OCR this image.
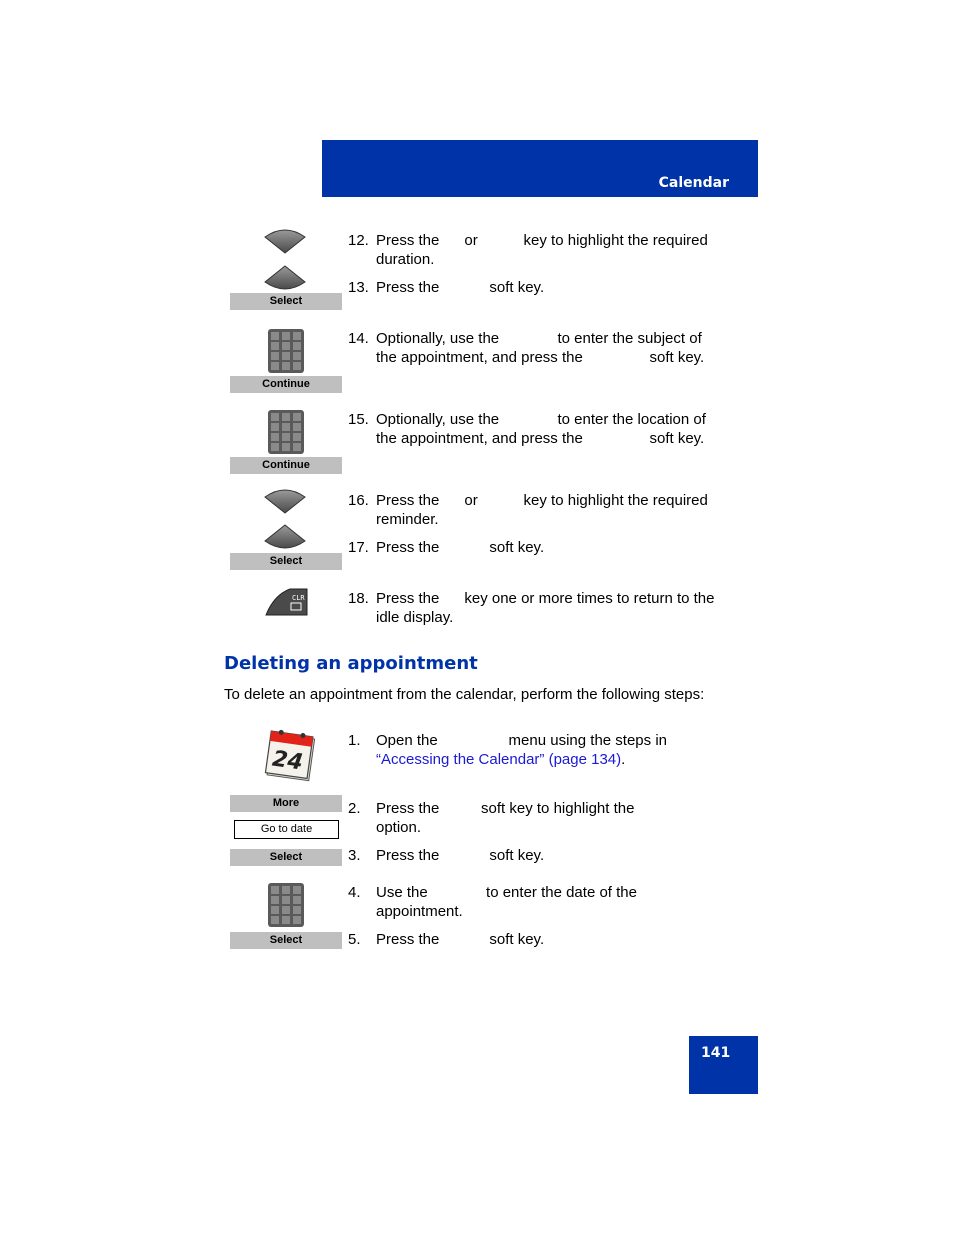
Calendar
Select
Continue
Continue
Select
CLR
12. Press the      or           key to highlight the required
duration.
13. Press the            soft key.
14. Optionally, use the              to enter the subject of
the appointment, and press the                soft key.
15. Optionally, use the              to enter the location of
the appointment, and press the                soft key.
16. Press the      or           key to highlight the required
reminder.
17. Press the            soft key.
18. Press the      key one or more times to return to the
idle display.
Deleting an appointment
To delete an appointment from the calendar, perform the following steps:
24
More
Go to date
Select
Select
1. Open the                 menu using the steps in
“Accessing the Calendar” (page 134).
2. Press the          soft key to highlight the
option.
3. Press the            soft key.
4. Use the              to enter the date of the
appointment.
5. Press the            soft key.
141
